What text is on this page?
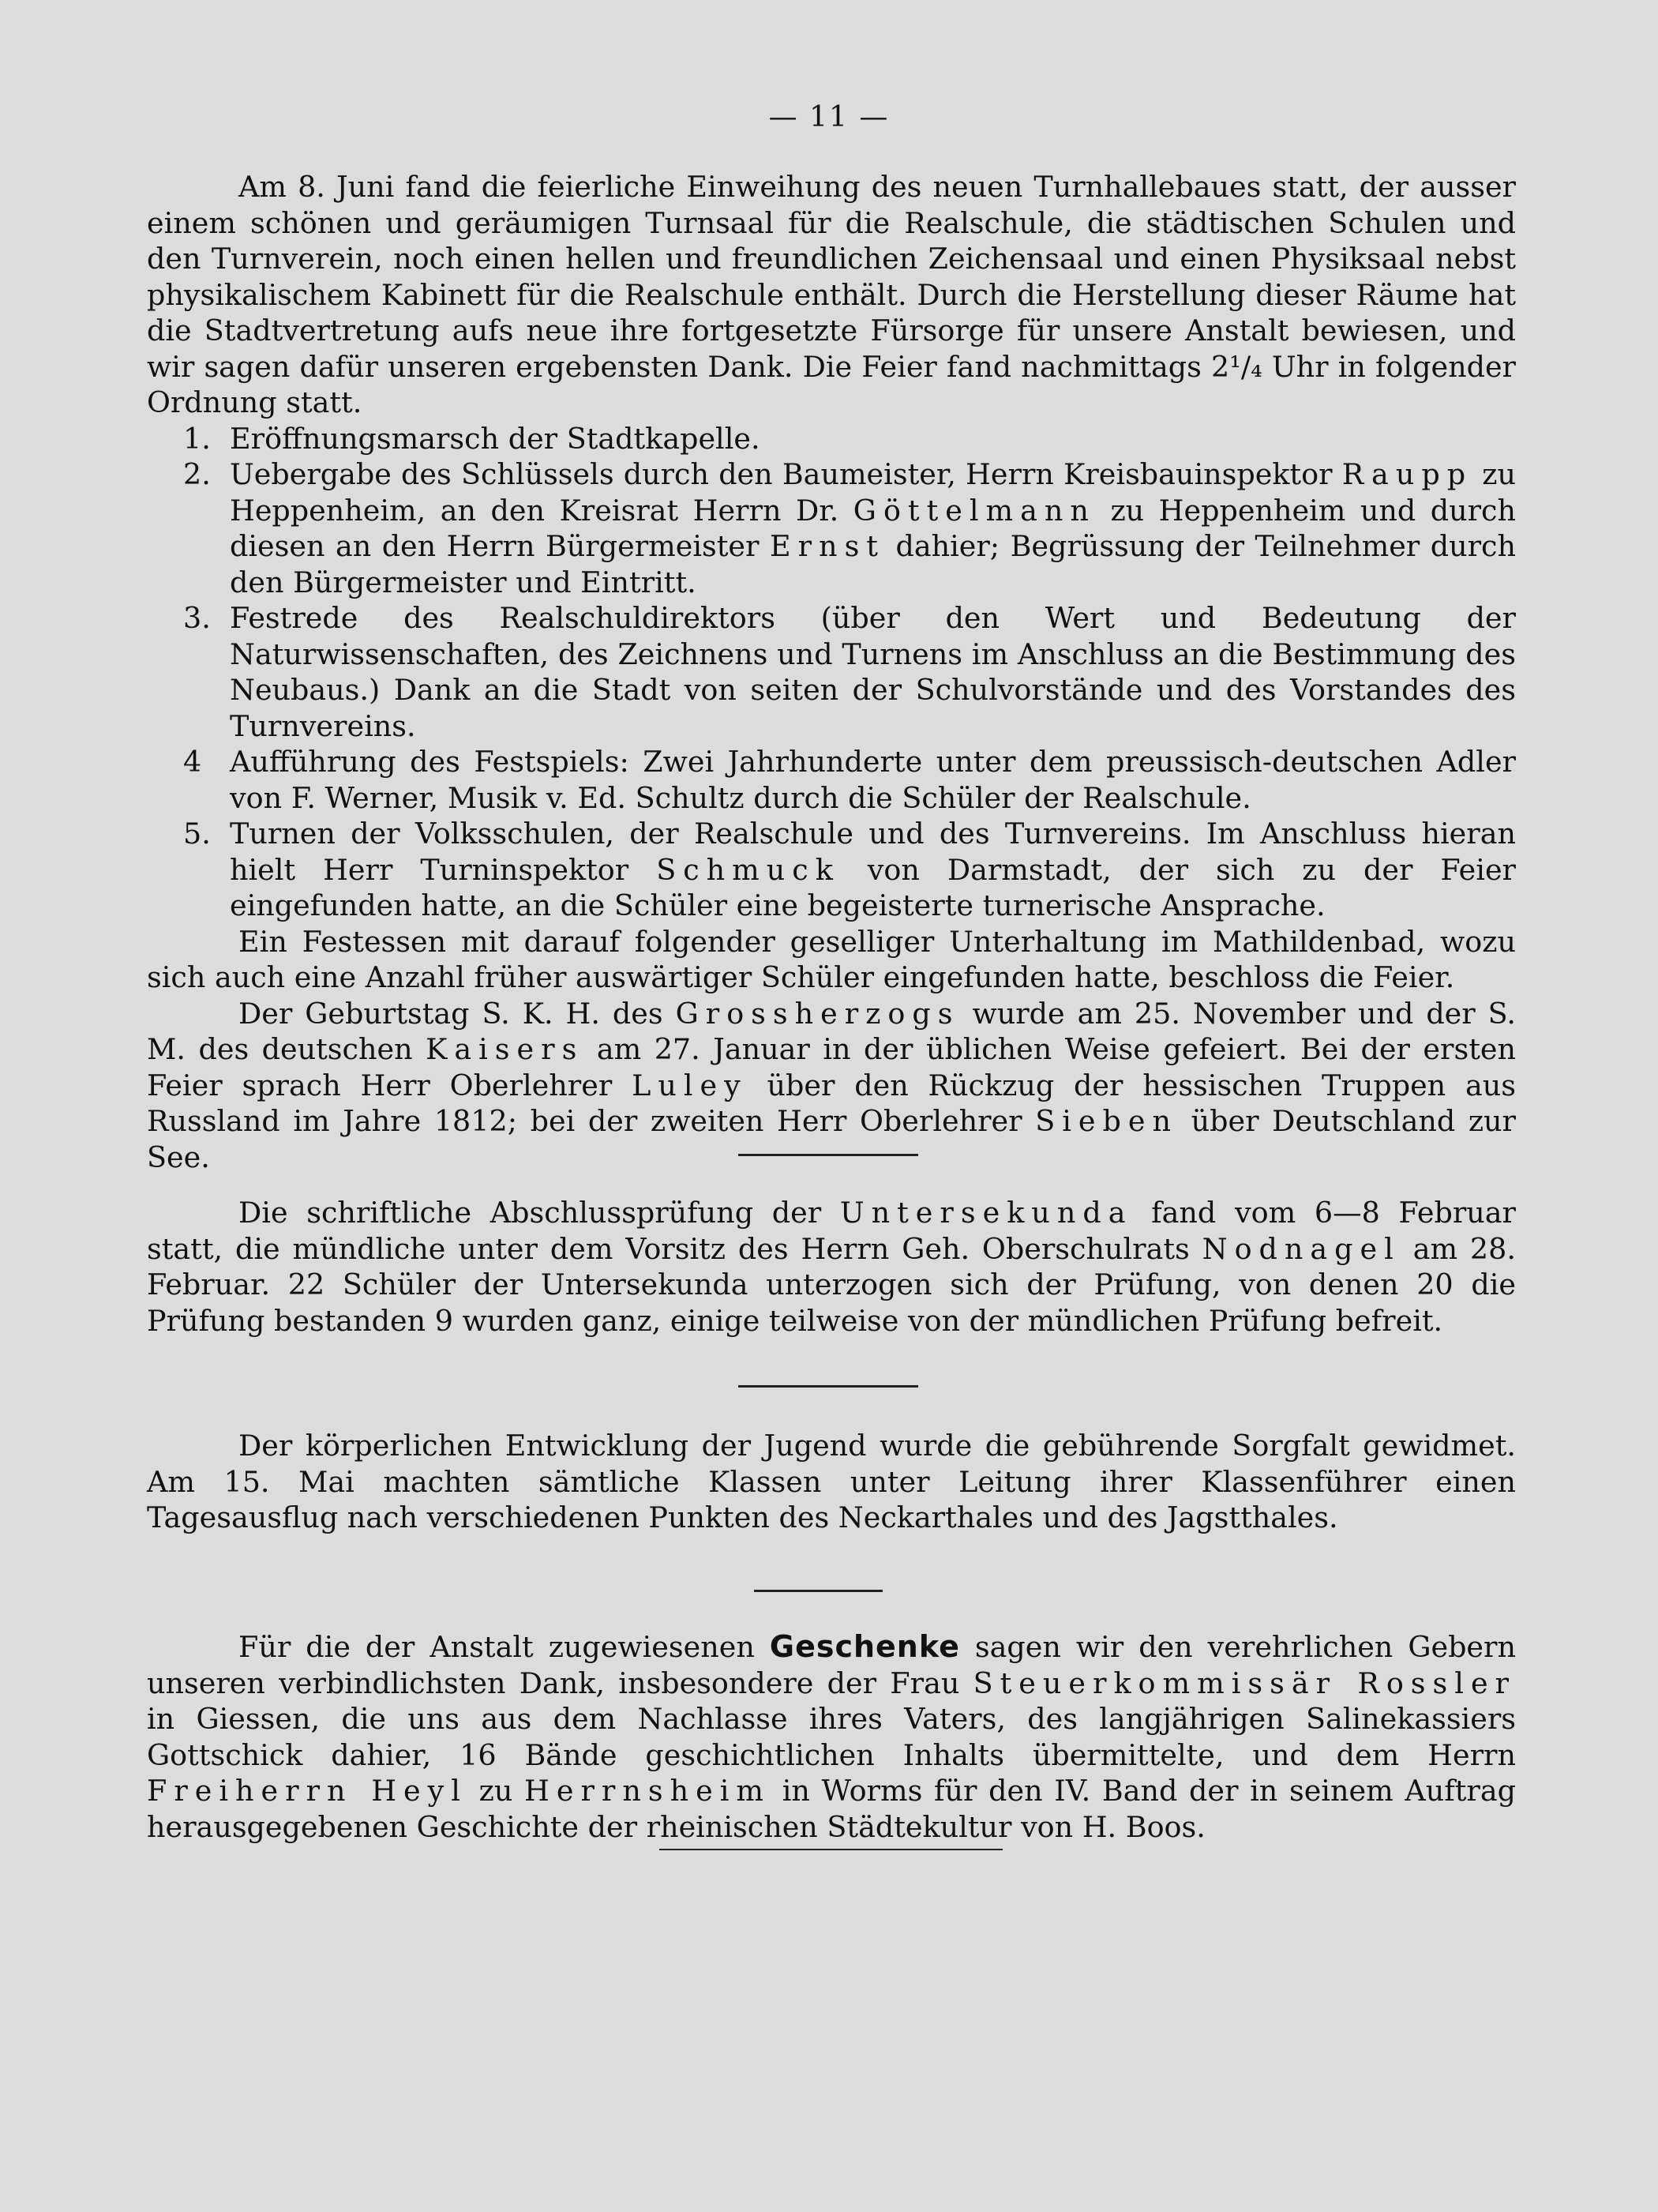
— 11 —

Am 8. Juni fand die feierliche Einweihung des neuen Turnhallebaues statt, der ausser einem schönen und geräumigen Turnsaal für die Realschule, die städtischen Schulen und den Turnverein, noch einen hellen und freundlichen Zeichensaal und einen Physiksaal nebst physikalischem Kabinett für die Realschule enthält. Durch die Herstellung dieser Räume hat die Stadtvertretung aufs neue ihre fortgesetzte Fürsorge für unsere Anstalt bewiesen, und wir sagen dafür unseren ergebensten Dank. Die Feier fand nachmittags 2¹/₄ Uhr in folgender Ordnung statt.

1. Eröffnungsmarsch der Stadtkapelle.
2. Uebergabe des Schlüssels durch den Baumeister, Herrn Kreisbauinspektor Raupp zu Heppenheim, an den Kreisrat Herrn Dr. Göttelmann zu Heppenheim und durch diesen an den Herrn Bürgermeister Ernst dahier; Begrüssung der Teilnehmer durch den Bürgermeister und Eintritt.
3. Festrede des Realschuldirektors (über den Wert und Bedeutung der Naturwissenschaften, des Zeichnens und Turnens im Anschluss an die Bestimmung des Neubaus.) Dank an die Stadt von seiten der Schulvorstände und des Vorstandes des Turnvereins.
4 Aufführung des Festspiels: Zwei Jahrhunderte unter dem preussisch-deutschen Adler von F. Werner, Musik v. Ed. Schultz durch die Schüler der Realschule.
5. Turnen der Volksschulen, der Realschule und des Turnvereins. Im Anschluss hieran hielt Herr Turninspektor Schmuck von Darmstadt, der sich zu der Feier eingefunden hatte, an die Schüler eine begeisterte turnerische Ansprache.

Ein Festessen mit darauf folgender geselliger Unterhaltung im Mathildenbad, wozu sich auch eine Anzahl früher auswärtiger Schüler eingefunden hatte, beschloss die Feier.

Der Geburtstag S. K. H. des Grossherzogs wurde am 25. November und der S. M. des deutschen Kaisers am 27. Januar in der üblichen Weise gefeiert. Bei der ersten Feier sprach Herr Oberlehrer Luley über den Rückzug der hessischen Truppen aus Russland im Jahre 1812; bei der zweiten Herr Oberlehrer Sieben über Deutschland zur See.

Die schriftliche Abschlussprüfung der Untersekunda fand vom 6—8 Februar statt, die mündliche unter dem Vorsitz des Herrn Geh. Oberschulrats Nodnagel am 28. Februar. 22 Schüler der Untersekunda unterzogen sich der Prüfung, von denen 20 die Prüfung bestanden 9 wurden ganz, einige teilweise von der mündlichen Prüfung befreit.

Der körperlichen Entwicklung der Jugend wurde die gebührende Sorgfalt gewidmet. Am 15. Mai machten sämtliche Klassen unter Leitung ihrer Klassenführer einen Tagesausflug nach verschiedenen Punkten des Neckarthales und des Jagstthales.

Für die der Anstalt zugewiesenen Geschenke sagen wir den verehrlichen Gebern unseren verbindlichsten Dank, insbesondere der Frau Steuerkommissär Rossler in Giessen, die uns aus dem Nachlasse ihres Vaters, des langjährigen Salinekassiers Gottschick dahier, 16 Bände geschichtlichen Inhalts übermittelte, und dem Herrn Freiherrn Heyl zu Herrnsheim in Worms für den IV. Band der in seinem Auftrag herausgegebenen Geschichte der rheinischen Städtekultur von H. Boos.
